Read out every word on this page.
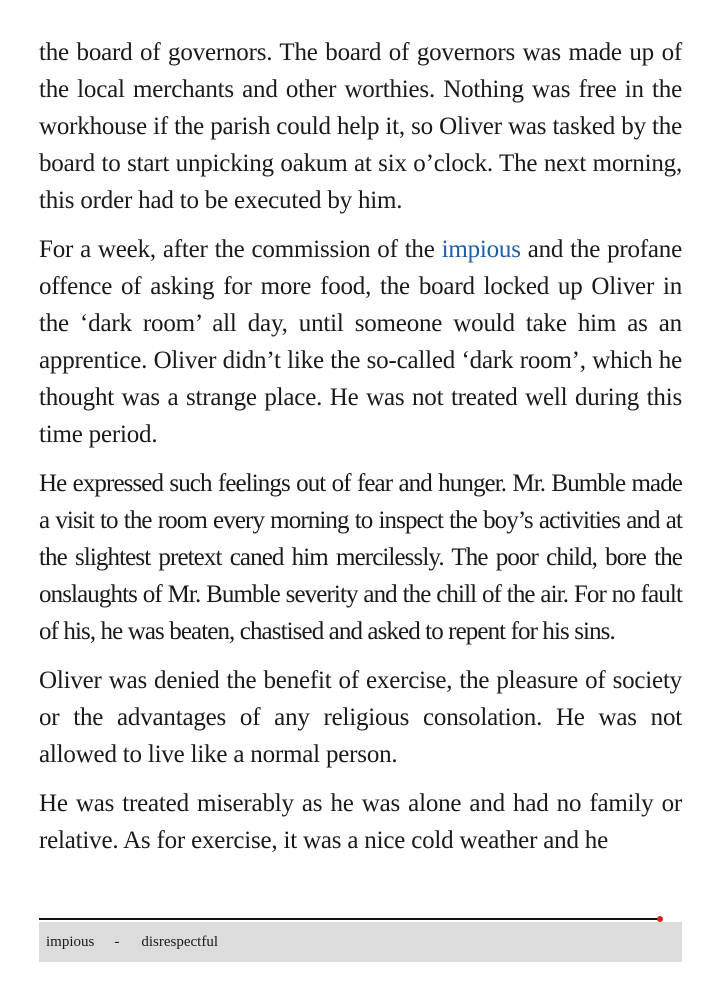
the board of governors. The board of governors was made up of the local merchants and other worthies. Nothing was free in the workhouse if the parish could help it, so Oliver was tasked by the board to start unpicking oakum at six o’clock. The next morning, this order had to be executed by him.

For a week, after the commission of the impious and the profane offence of asking for more food, the board locked up Oliver in the ‘dark room’ all day, until someone would take him as an apprentice. Oliver didn’t like the so-called ‘dark room’, which he thought was a strange place. He was not treated well during this time period.

He expressed such feelings out of fear and hunger. Mr. Bumble made a visit to the room every morning to inspect the boy’s activities and at the slightest pretext caned him mercilessly. The poor child, bore the onslaughts of Mr. Bumble severity and the chill of the air. For no fault of his, he was beaten, chastised and asked to repent for his sins.

Oliver was denied the benefit of exercise, the pleasure of society or the advantages of any religious consolation. He was not allowed to live like a normal person.

He was treated miserably as he was alone and had no family or relative. As for exercise, it was a nice cold weather and he

impious - disrespectful
